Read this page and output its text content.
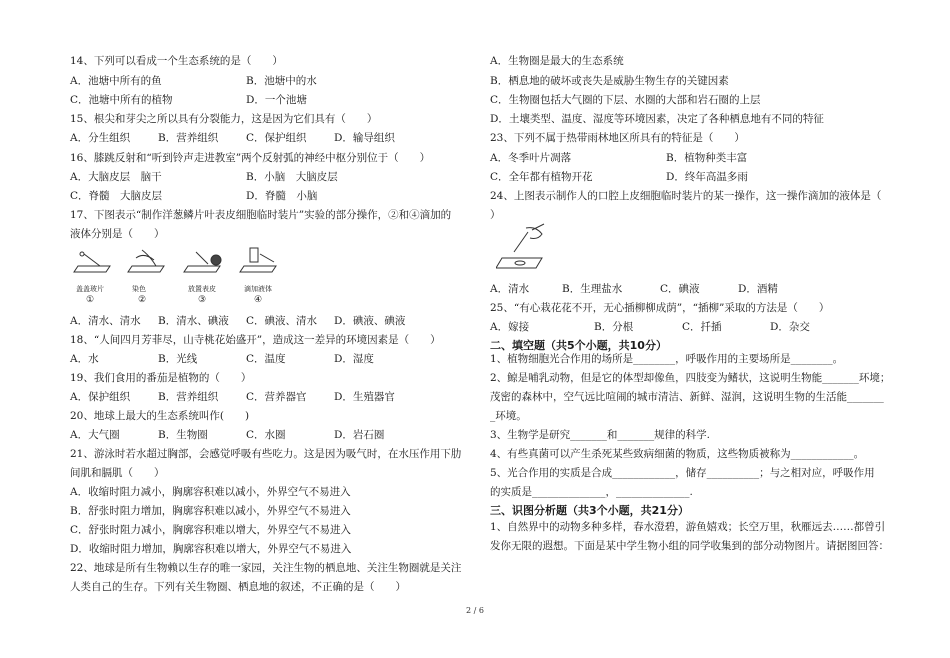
14、下列可以看成一个生态系统的是（　　）
A．池塘中所有的鱼	B．池塘中的水
C．池塘中所有的植物	D．一个池塘
15、根尖和芽尖之所以具有分裂能力，这是因为它们具有（　　）
A．分生组织	B．营养组织	C．保护组织	D．输导组织
16、膝跳反射和“听到铃声走进教室”两个反射弧的神经中枢分别位于（　　）
A．大脑皮层　脑干	B．小脑　大脑皮层
C．脊髓　大脑皮层	D．脊髓　小脑
17、下图表示“制作洋葱鳞片叶表皮细胞临时装片”实验的部分操作，②和④滴加的
液体分别是（　　）
盖盖玻片	染色	放置表皮	滴加液体
①	②	③	④
A．清水、清水 B．清水、碘液 C．碘液、清水 D．碘液、碘液
18、“人间四月芳菲尽，山寺桃花始盛开”，造成这一差异的环境因素是（　　）
A．水	B．光线	C．温度	D．湿度
19、我们食用的番茄是植物的（　　）
A．保护组织	B．营养组织	C．营养器官	D．生殖器官
20、地球上最大的生态系统叫作(　　)
A．大气圈	B．生物圈	C．水圈	D．岩石圈
21、游泳时若水超过胸部，会感觉呼吸有些吃力。这是因为吸气时，在水压作用下肋
间肌和膈肌（　　）
A．收缩时阻力减小，胸廓容积难以减小，外界空气不易进入
B．舒张时阻力增加，胸廓容积难以减小，外界空气不易进入
C．舒张时阻力减小，胸廓容积难以增大，外界空气不易进入
D．收缩时阻力增加，胸廓容积难以增大，外界空气不易进入
22、地球是所有生物赖以生存的唯一家园，关注生物的栖息地、关注生物圈就是关注
人类自己的生存。下列有关生物圈、栖息地的叙述，不正确的是（　　）
A．生物圈是最大的生态系统
B．栖息地的破坏或丧失是威胁生物生存的关键因素
C．生物圈包括大气圈的下层、水圈的大部和岩石圈的上层
D．土壤类型、温度、湿度等环境因素，决定了各种栖息地有不同的特征
23、下列不属于热带雨林地区所具有的特征是（　　）
A．冬季叶片凋落	B．植物种类丰富
C．全年都有植物开花	D．终年高温多雨
24、上图表示制作人的口腔上皮细胞临时装片的某一操作，这一操作滴加的液体是（
）
A．清水	B．生理盐水	C．碘液	D．酒精
25、“有心栽花花不开，无心插柳柳成荫”，“插柳”采取的方法是（　　）
A．嫁接	B．分根	C．扦插	D．杂交
二、填空题（共5个小题，共10分）
1、植物细胞光合作用的场所是________，呼吸作用的主要场所是________。
2、鲸是哺乳动物，但是它的体型却像鱼，四肢变为鳍状，这说明生物能_______环境；
茂密的森林中，空气远比喧闹的城市清洁、新鲜、湿润，这说明生物的生活能_______
_环境。
3、生物学是研究_______和_______规律的科学.
4、有些真菌可以产生杀死某些致病细菌的物质，这些物质被称为____________。
5、光合作用的实质是合成____________，储存__________；与之相对应，呼吸作用
的实质是______________，______________.
三、识图分析题（共3个小题，共21分）
1、自然界中的动物多种多样，春水澄碧，游鱼嬉戏；长空万里，秋雁远去……都曾引
发你无限的遐想。下面是某中学生物小组的同学收集到的部分动物图片。请据图回答：
2 / 6
